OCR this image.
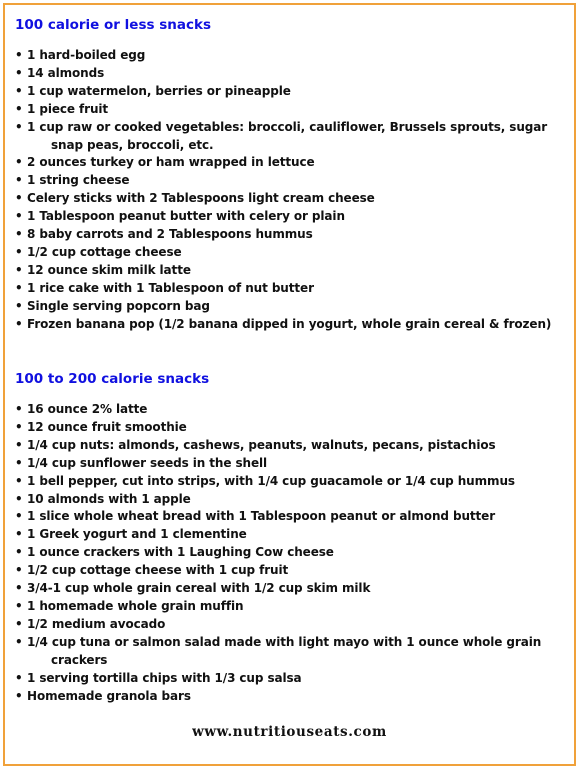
100 calorie or less snacks
• 1 hard-boiled egg
• 14 almonds
• 1 cup watermelon, berries or pineapple
• 1 piece fruit
• 1 cup raw or cooked vegetables: broccoli, cauliflower, Brussels sprouts, sugar
snap peas, broccoli, etc.
• 2 ounces turkey or ham wrapped in lettuce
• 1 string cheese
• Celery sticks with 2 Tablespoons light cream cheese
• 1 Tablespoon peanut butter with celery or plain
• 8 baby carrots and 2 Tablespoons hummus
• 1/2 cup cottage cheese
• 12 ounce skim milk latte
• 1 rice cake with 1 Tablespoon of nut butter
• Single serving popcorn bag
• Frozen banana pop (1/2 banana dipped in yogurt, whole grain cereal & frozen)
100 to 200 calorie snacks
• 16 ounce 2% latte
• 12 ounce fruit smoothie
• 1/4 cup nuts: almonds, cashews, peanuts, walnuts, pecans, pistachios
• 1/4 cup sunflower seeds in the shell
• 1 bell pepper, cut into strips, with 1/4 cup guacamole or 1/4 cup hummus
• 10 almonds with 1 apple
• 1 slice whole wheat bread with 1 Tablespoon peanut or almond butter
• 1 Greek yogurt and 1 clementine
• 1 ounce crackers with 1 Laughing Cow cheese
• 1/2 cup cottage cheese with 1 cup fruit
• 3/4-1 cup whole grain cereal with 1/2 cup skim milk
• 1 homemade whole grain muffin
• 1/2 medium avocado
• 1/4 cup tuna or salmon salad made with light mayo with 1 ounce whole grain
crackers
• 1 serving tortilla chips with 1/3 cup salsa
• Homemade granola bars
www.nutritiouseats.com
